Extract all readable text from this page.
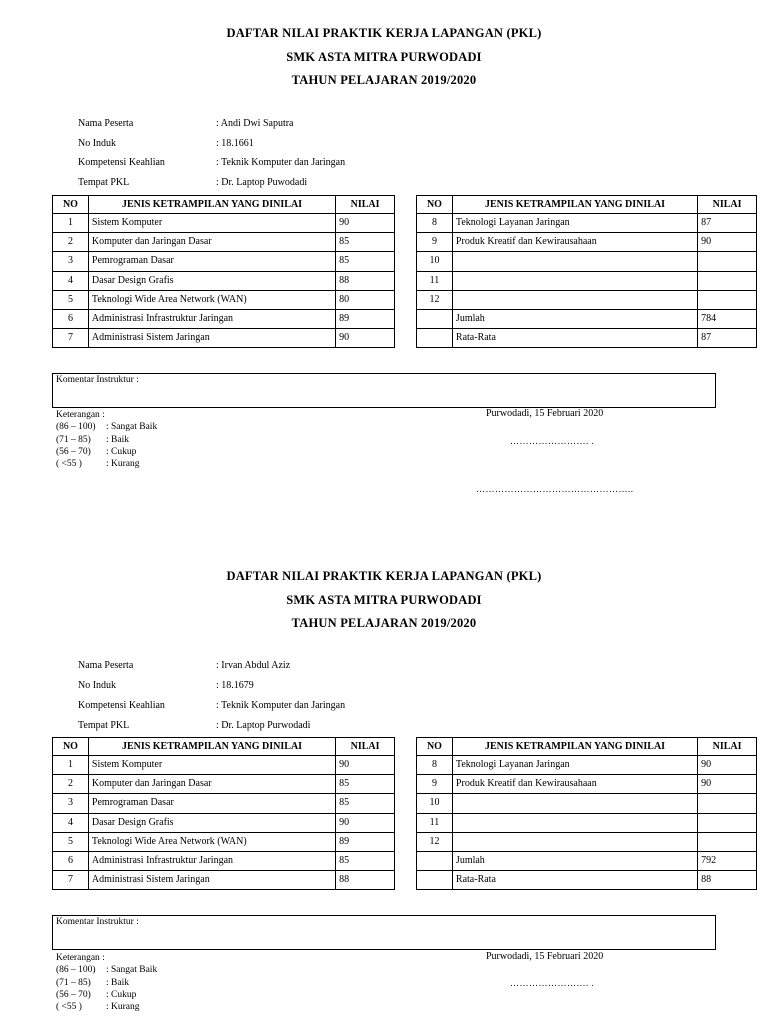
DAFTAR NILAI PRAKTIK KERJA LAPANGAN (PKL)
SMK ASTA MITRA PURWODADI
TAHUN PELAJARAN 2019/2020
Nama Peserta	: Andi Dwi Saputra
No Induk	: 18.1661
Kompetensi Keahlian	: Teknik Komputer dan Jaringan
Tempat PKL	: Dr. Laptop Puwodadi
NO	JENIS KETRAMPILAN YANG DINILAI	NILAI
1	Sistem Komputer	90
2	Komputer dan Jaringan Dasar	85
3	Pemrograman Dasar	85
4	Dasar Design Grafis	88
5	Teknologi Wide Area Network (WAN)	80
6	Administrasi Infrastruktur Jaringan	89
7	Administrasi Sistem Jaringan	90
NO	JENIS KETRAMPILAN YANG DINILAI	NILAI
8	Teknologi Layanan Jaringan	87
9	Produk Kreatif dan Kewirausahaan	90
10		
11		
12		
	Jumlah	784
	Rata-Rata	87
Komentar Instruktur :
Keterangan :
(86 – 100) : Sangat Baik
(71 – 85) : Baik
(56 – 70) : Cukup
( <55 )	: Kurang
Purwodadi, 15 Februari 2020
……………………. .
…………………………………………..
DAFTAR NILAI PRAKTIK KERJA LAPANGAN (PKL)
SMK ASTA MITRA PURWODADI
TAHUN PELAJARAN 2019/2020
Nama Peserta	: Irvan Abdul Aziz
No Induk	: 18.1679
Kompetensi Keahlian	: Teknik Komputer dan Jaringan
Tempat PKL	: Dr. Laptop Purwodadi
NO	JENIS KETRAMPILAN YANG DINILAI	NILAI
1	Sistem Komputer	90
2	Komputer dan Jaringan Dasar	85
3	Pemrograman Dasar	85
4	Dasar Design Grafis	90
5	Teknologi Wide Area Network (WAN)	89
6	Administrasi Infrastruktur Jaringan	85
7	Administrasi Sistem Jaringan	88
NO	JENIS KETRAMPILAN YANG DINILAI	NILAI
8	Teknologi Layanan Jaringan	90
9	Produk Kreatif dan Kewirausahaan	90
10		
11		
12		
	Jumlah	792
	Rata-Rata	88
Komentar Instruktur :
Keterangan :
(86 – 100) : Sangat Baik
(71 – 85) : Baik
(56 – 70) : Cukup
( <55 )	: Kurang
Purwodadi, 15 Februari 2020
……………………. .
